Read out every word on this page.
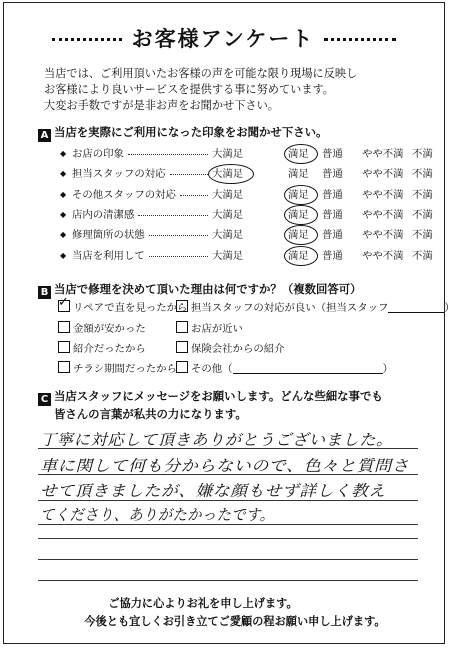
お客様アンケート
当店では、ご利用頂いたお客様の声を可能な限り現場に反映し
お客様により良いサービスを提供する事に努めています。
大変お手数ですが是非お声をお聞かせ下さい。
A 当店を実際にご利用になった印象をお聞かせ下さい。
◆ お店の印象	大満足	満足 普通 やや不満 不満
◆ 担当スタッフの対応	大満足	満足 普通 やや不満 不満
◆ その他スタッフの対応	大満足	満足 普通 やや不満 不満
◆ 店内の清潔感	大満足	満足 普通 やや不満 不満
◆ 修理箇所の状態	大満足	満足 普通 やや不満 不満
◆ 当店を利用して	大満足	満足 普通 やや不満 不満
B 当店で修理を決めて頂いた理由は何ですか？（複数回答可）
✓ リペアで直を見ったから 担当スタッフの対応が良い（担当スタッフ	）
金額が安かった	お店が近い
紹介だったから	保険会社からの紹介
チラシ期間だったから	その他（	）
C 当店スタッフにメッセージをお願いします。どんな些細な事でも
皆さんの言葉が私共の力になります。
丁寧に対応して頂きありがとうございました。
車に関して何も分からないので、色々と質問さ
せて頂きましたが、嫌な顔もせず詳しく教え
てくださり、ありがたかったです。
ご協力に心よりお礼を申し上げます。
今後とも宜しくお引き立てご愛顧の程お願い申し上げます。
